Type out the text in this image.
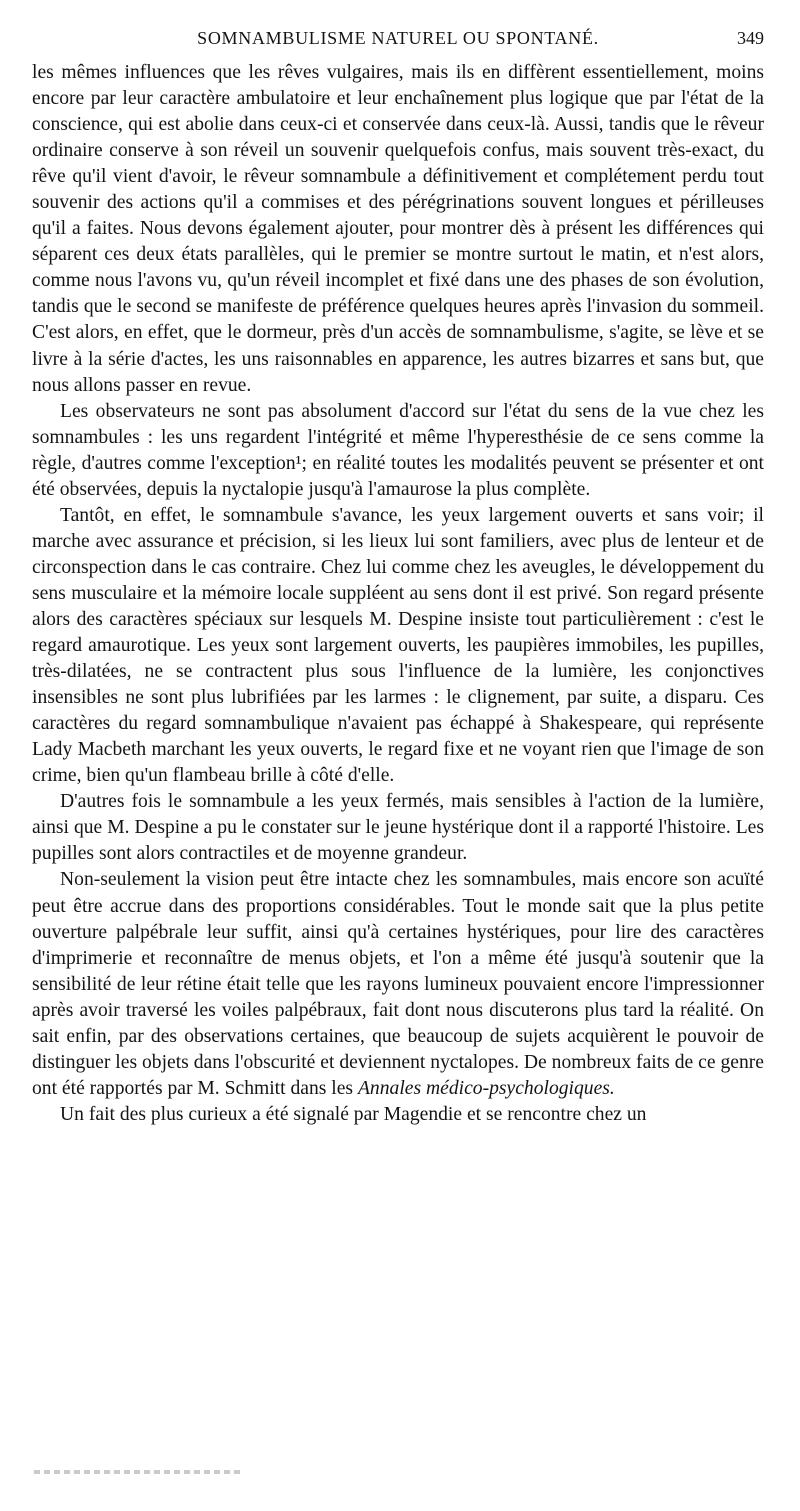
SOMNAMBULISME NATUREL OU SPONTANÉ.	349

les mêmes influences que les rêves vulgaires, mais ils en diffèrent essentiellement, moins encore par leur caractère ambulatoire et leur enchaînement plus logique que par l'état de la conscience, qui est abolie dans ceux-ci et conservée dans ceux-là. Aussi, tandis que le rêveur ordinaire conserve à son réveil un souvenir quelquefois confus, mais souvent très-exact, du rêve qu'il vient d'avoir, le rêveur somnambule a définitivement et complétement perdu tout souvenir des actions qu'il a commises et des pérégrinations souvent longues et périlleuses qu'il a faites. Nous devons également ajouter, pour montrer dès à présent les différences qui séparent ces deux états parallèles, qui le premier se montre surtout le matin, et n'est alors, comme nous l'avons vu, qu'un réveil incomplet et fixé dans une des phases de son évolution, tandis que le second se manifeste de préférence quelques heures après l'invasion du sommeil. C'est alors, en effet, que le dormeur, près d'un accès de somnambulisme, s'agite, se lève et se livre à la série d'actes, les uns raisonnables en apparence, les autres bizarres et sans but, que nous allons passer en revue.

Les observateurs ne sont pas absolument d'accord sur l'état du sens de la vue chez les somnambules : les uns regardent l'intégrité et même l'hyperesthésie de ce sens comme la règle, d'autres comme l'exception¹; en réalité toutes les modalités peuvent se présenter et ont été observées, depuis la nyctalopie jusqu'à l'amaurose la plus complète.

Tantôt, en effet, le somnambule s'avance, les yeux largement ouverts et sans voir; il marche avec assurance et précision, si les lieux lui sont familiers, avec plus de lenteur et de circonspection dans le cas contraire. Chez lui comme chez les aveugles, le développement du sens musculaire et la mémoire locale suppléent au sens dont il est privé. Son regard présente alors des caractères spéciaux sur lesquels M. Despine insiste tout particulièrement : c'est le regard amaurotique. Les yeux sont largement ouverts, les paupières immobiles, les pupilles, très-dilatées, ne se contractent plus sous l'influence de la lumière, les conjonctives insensibles ne sont plus lubrifiées par les larmes : le clignement, par suite, a disparu. Ces caractères du regard somnambulique n'avaient pas échappé à Shakespeare, qui représente Lady Macbeth marchant les yeux ouverts, le regard fixe et ne voyant rien que l'image de son crime, bien qu'un flambeau brille à côté d'elle.

D'autres fois le somnambule a les yeux fermés, mais sensibles à l'action de la lumière, ainsi que M. Despine a pu le constater sur le jeune hystérique dont il a rapporté l'histoire. Les pupilles sont alors contractiles et de moyenne grandeur.

Non-seulement la vision peut être intacte chez les somnambules, mais encore son acuïté peut être accrue dans des proportions considérables. Tout le monde sait que la plus petite ouverture palpébrale leur suffit, ainsi qu'à certaines hystériques, pour lire des caractères d'imprimerie et reconnaître de menus objets, et l'on a même été jusqu'à soutenir que la sensibilité de leur rétine était telle que les rayons lumineux pouvaient encore l'impressionner après avoir traversé les voiles palpébraux, fait dont nous discuterons plus tard la réalité. On sait enfin, par des observations certaines, que beaucoup de sujets acquièrent le pouvoir de distinguer les objets dans l'obscurité et deviennent nyctalopes. De nombreux faits de ce genre ont été rapportés par M. Schmitt dans les Annales médico-psychologiques.

Un fait des plus curieux a été signalé par Magendie et se rencontre chez un
